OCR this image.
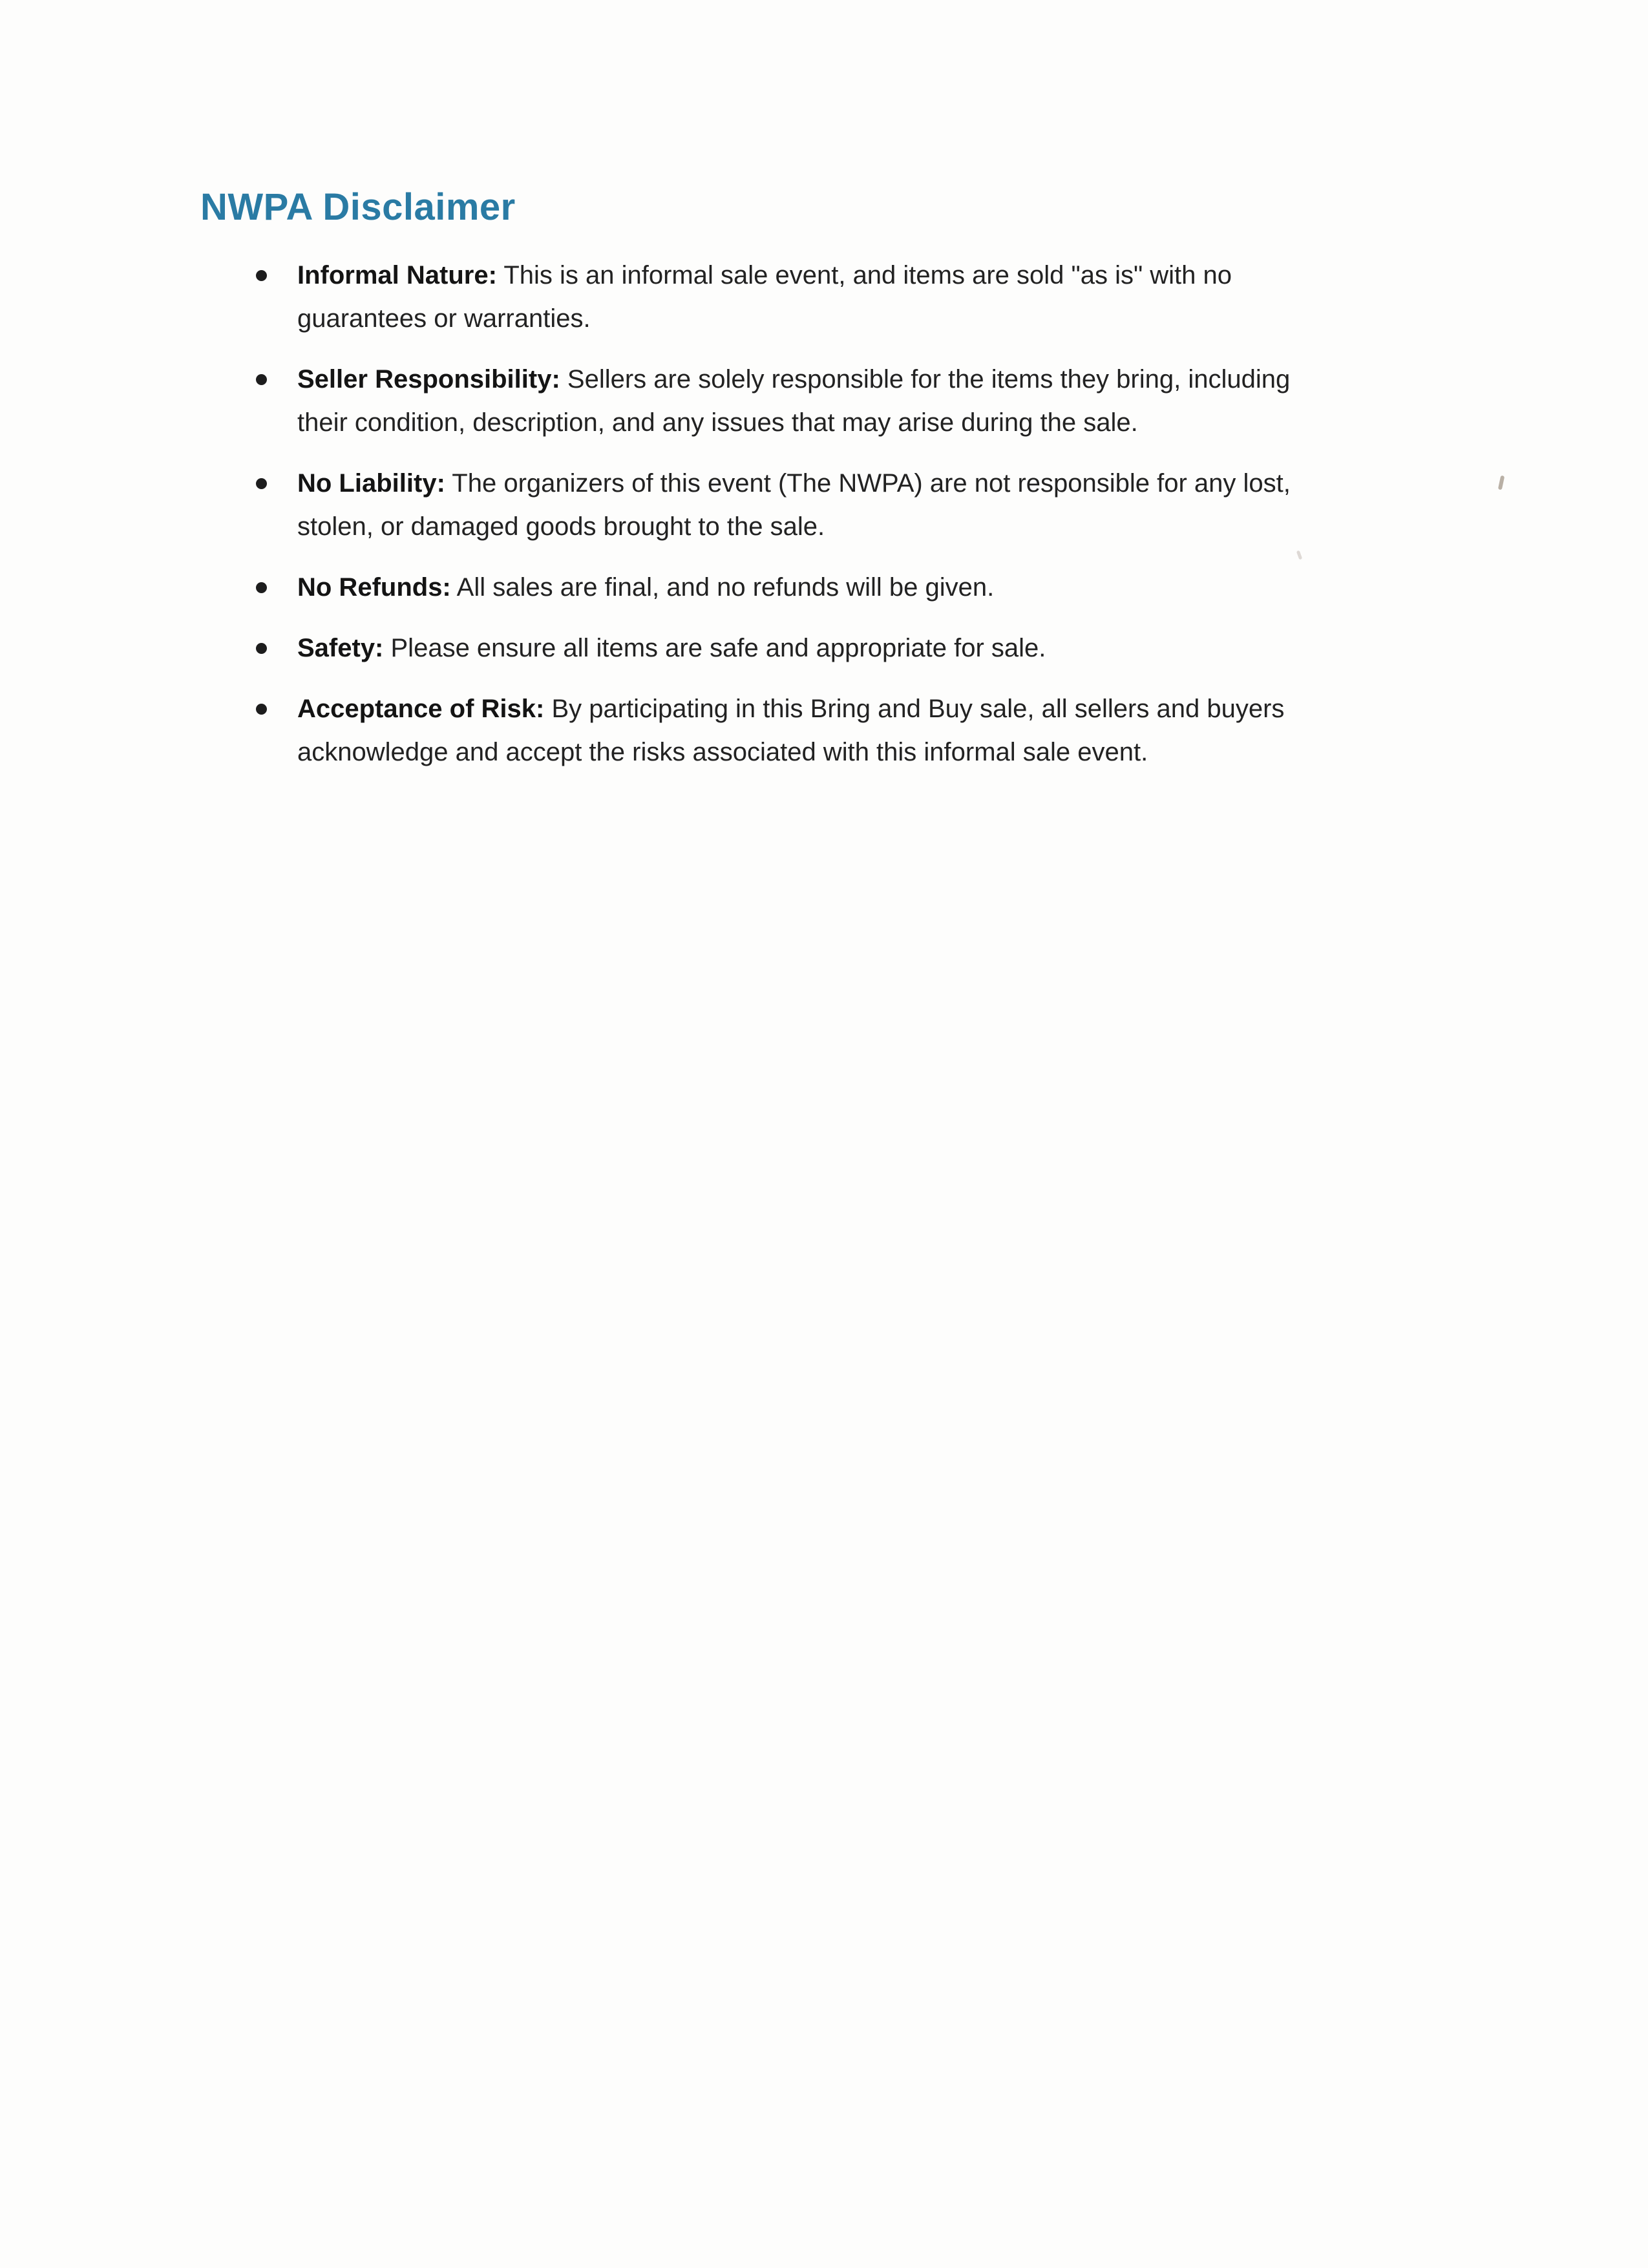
NWPA Disclaimer
Informal Nature: This is an informal sale event, and items are sold "as is" with no guarantees or warranties.
Seller Responsibility: Sellers are solely responsible for the items they bring, including their condition, description, and any issues that may arise during the sale.
No Liability: The organizers of this event (The NWPA) are not responsible for any lost, stolen, or damaged goods brought to the sale.
No Refunds: All sales are final, and no refunds will be given.
Safety: Please ensure all items are safe and appropriate for sale.
Acceptance of Risk: By participating in this Bring and Buy sale, all sellers and buyers acknowledge and accept the risks associated with this informal sale event.
